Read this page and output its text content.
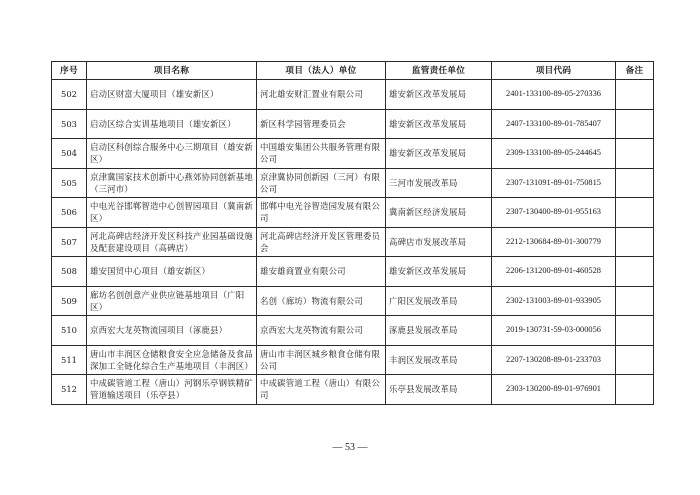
序号	项目名称	项目（法人）单位	监管责任单位	项目代码	备注
502	启动区财富大厦项目（雄安新区）	河北雄安财汇置业有限公司	雄安新区改革发展局	2401-133100-89-05-270336	
503	启动区综合实训基地项目（雄安新区）	新区科学园管理委员会	雄安新区改革发展局	2407-133100-89-01-785407	
504	启动区科创综合服务中心三期项目（雄安新区）	中国雄安集团公共服务管理有限公司	雄安新区改革发展局	2309-133100-89-05-244645	
505	京津冀国家技术创新中心燕郊协同创新基地（三河市）	京津冀协同创新园（三河）有限公司	三河市发展改革局	2307-131091-89-01-750815	
506	中电光谷邯郸智造中心创智园项目（冀南新区）	邯郸中电光谷智造园发展有限公司	冀南新区经济发展局	2307-130400-89-01-955163	
507	河北高碑店经济开发区科技产业园基础设施及配套建设项目（高碑店）	河北高碑店经济开发区管理委员会	高碑店市发展改革局	2212-130684-89-01-300779	
508	雄安国贸中心项目（雄安新区）	雄安雄商置业有限公司	雄安新区改革发展局	2206-131200-89-01-460528	
509	廊坊名创创意产业供应链基地项目（广阳区）	名创（廊坊）物流有限公司	广阳区发展改革局	2302-131003-89-01-933905	
510	京西宏大龙英物流园项目（涿鹿县）	京西宏大龙英物流有限公司	涿鹿县发展改革局	2019-130731-59-03-000056	
511	唐山市丰润区仓储粮食安全应急储备及食品深加工全链化综合生产基地项目（丰润区）	唐山市丰润区城乡粮食仓储有限公司	丰润区发展改革局	2207-130208-89-01-233703	
512	中成碳管道工程（唐山）河钢乐亭钢铁精矿管道输送项目（乐亭县）	中成碳管道工程（唐山）有限公司	乐亭县发展改革局	2303-130200-89-01-976901	
— 53 —
